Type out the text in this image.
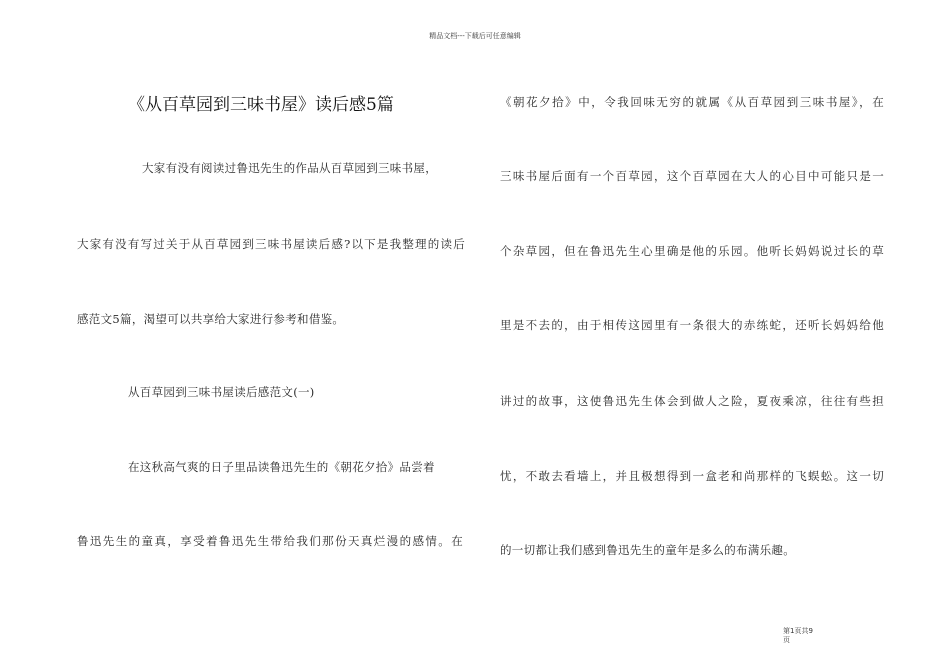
精品文档---下载后可任意编辑
《从百草园到三味书屋》读后感5篇
大家有没有阅读过鲁迅先生的作品从百草园到三味书屋，
大家有没有写过关于从百草园到三味书屋读后感?以下是我整理的读后
感范文5篇，渴望可以共享给大家进行参考和借鉴。
从百草园到三味书屋读后感范文(一)
在这秋高气爽的日子里品读鲁迅先生的《朝花夕拾》品尝着
鲁迅先生的童真，享受着鲁迅先生带给我们那份天真烂漫的感情。在
《朝花夕拾》中，令我回味无穷的就属《从百草园到三味书屋》，在
三味书屋后面有一个百草园，这个百草园在大人的心目中可能只是一
个杂草园，但在鲁迅先生心里确是他的乐园。他听长妈妈说过长的草
里是不去的，由于相传这园里有一条很大的赤练蛇，还听长妈妈给他
讲过的故事，这使鲁迅先生体会到做人之险，夏夜乘凉，往往有些担
忧，不敢去看墙上，并且极想得到一盒老和尚那样的飞蜈蚣。这一切
的一切都让我们感到鲁迅先生的童年是多么的布满乐趣。
第1页共9页
